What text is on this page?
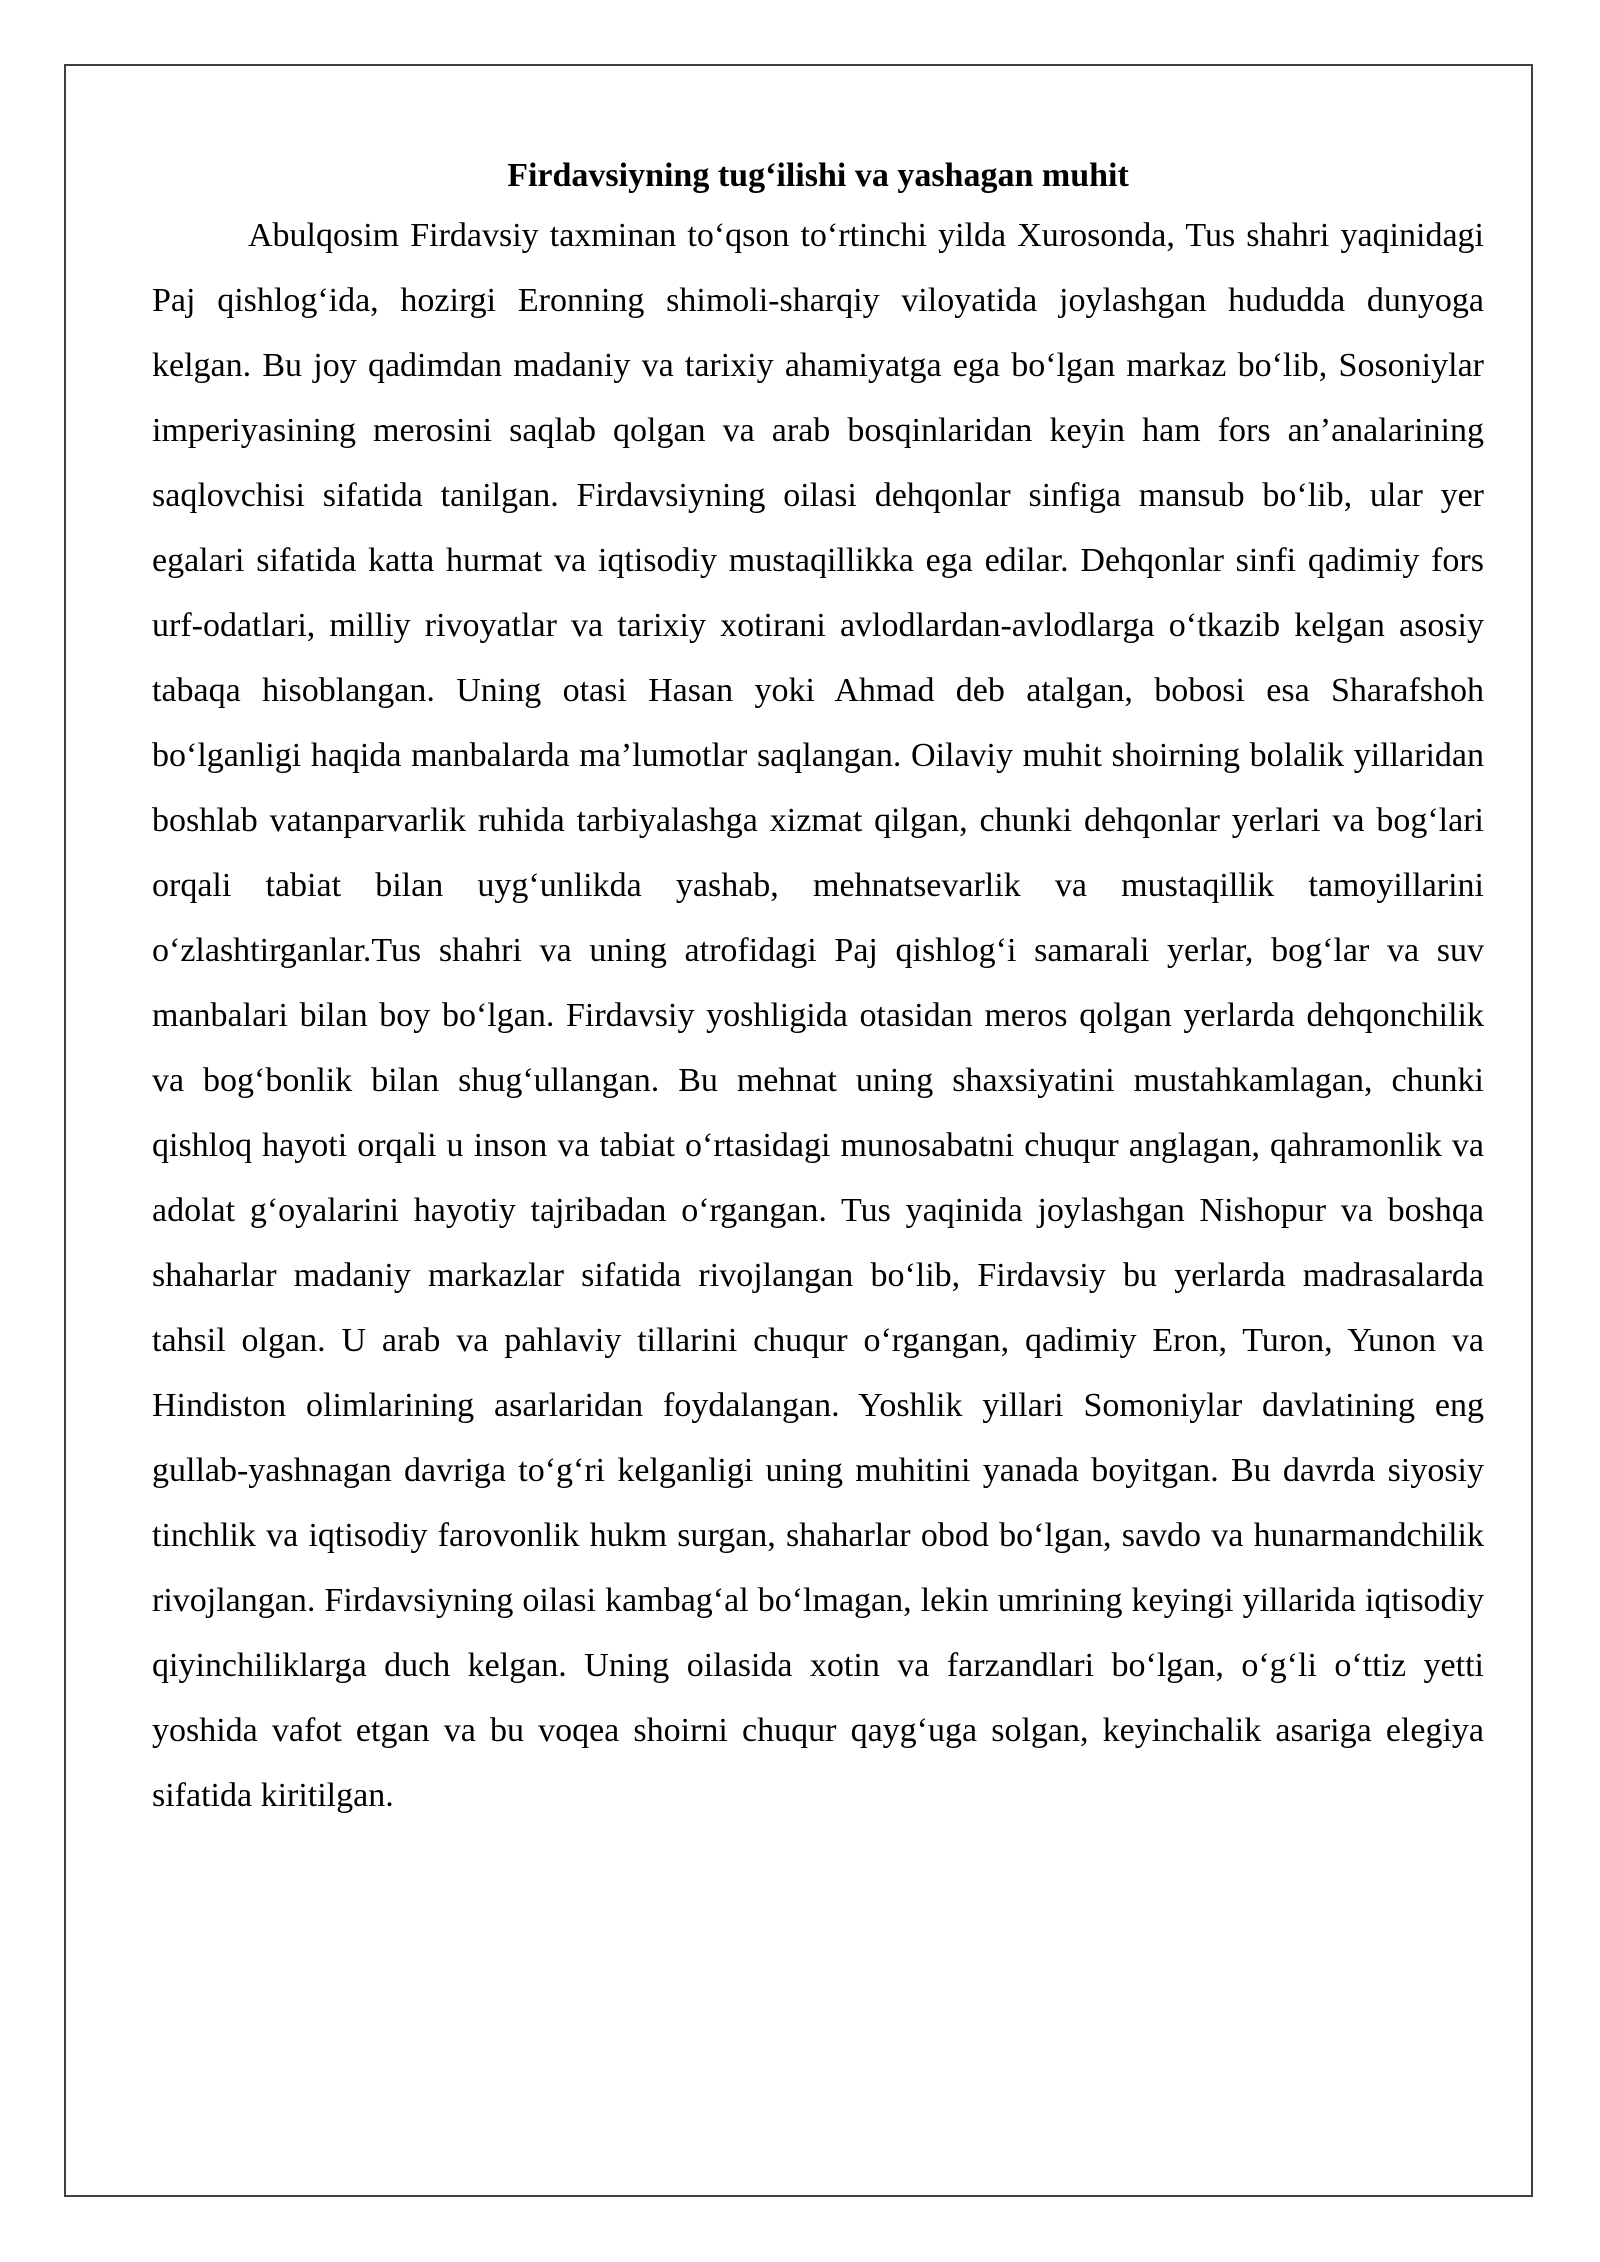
Firdavsiyning tug‘ilishi va yashagan muhit

Abulqosim Firdavsiy taxminan to‘qson to‘rtinchi yilda Xurosonda, Tus shahri yaqinidagi Paj qishlog‘ida, hozirgi Eronning shimoli-sharqiy viloyatida joylashgan hududda dunyoga kelgan. Bu joy qadimdan madaniy va tarixiy ahamiyatga ega bo‘lgan markaz bo‘lib, Sosoniylar imperiyasining merosini saqlab qolgan va arab bosqinlaridan keyin ham fors an’analarining saqlovchisi sifatida tanilgan. Firdavsiyning oilasi dehqonlar sinfiga mansub bo‘lib, ular yer egalari sifatida katta hurmat va iqtisodiy mustaqillikka ega edilar. Dehqonlar sinfi qadimiy fors urf-odatlari, milliy rivoyatlar va tarixiy xotirani avlodlardan-avlodlarga o‘tkazib kelgan asosiy tabaqa hisoblangan. Uning otasi Hasan yoki Ahmad deb atalgan, bobosi esa Sharafshoh bo‘lganligi haqida manbalarda ma’lumotlar saqlangan. Oilaviy muhit shoirning bolalik yillaridan boshlab vatanparvarlik ruhida tarbiyalashga xizmat qilgan, chunki dehqonlar yerlari va bog‘lari orqali tabiat bilan uyg‘unlikda yashab, mehnatsevarlik va mustaqillik tamoyillarini o‘zlashtirganlar.Tus shahri va uning atrofidagi Paj qishlog‘i samarali yerlar, bog‘lar va suv manbalari bilan boy bo‘lgan. Firdavsiy yoshligida otasidan meros qolgan yerlarda dehqonchilik va bog‘bonlik bilan shug‘ullangan. Bu mehnat uning shaxsiyatini mustahkamlagan, chunki qishloq hayoti orqali u inson va tabiat o‘rtasidagi munosabatni chuqur anglagan, qahramonlik va adolat g‘oyalarini hayotiy tajribadan o‘rgangan. Tus yaqinida joylashgan Nishopur va boshqa shaharlar madaniy markazlar sifatida rivojlangan bo‘lib, Firdavsiy bu yerlarda madrasalarda tahsil olgan. U arab va pahlaviy tillarini chuqur o‘rgangan, qadimiy Eron, Turon, Yunon va Hindiston olimlarining asarlaridan foydalangan. Yoshlik yillari Somoniylar davlatining eng gullab-yashnagan davriga to‘g‘ri kelganligi uning muhitini yanada boyitgan. Bu davrda siyosiy tinchlik va iqtisodiy farovonlik hukm surgan, shaharlar obod bo‘lgan, savdo va hunarmandchilik rivojlangan. Firdavsiyning oilasi kambag‘al bo‘lmagan, lekin umrining keyingi yillarida iqtisodiy qiyinchiliklarga duch kelgan. Uning oilasida xotin va farzandlari bo‘lgan, o‘g‘li o‘ttiz yetti yoshida vafot etgan va bu voqea shoirni chuqur qayg‘uga solgan, keyinchalik asariga elegiya sifatida kiritilgan.
